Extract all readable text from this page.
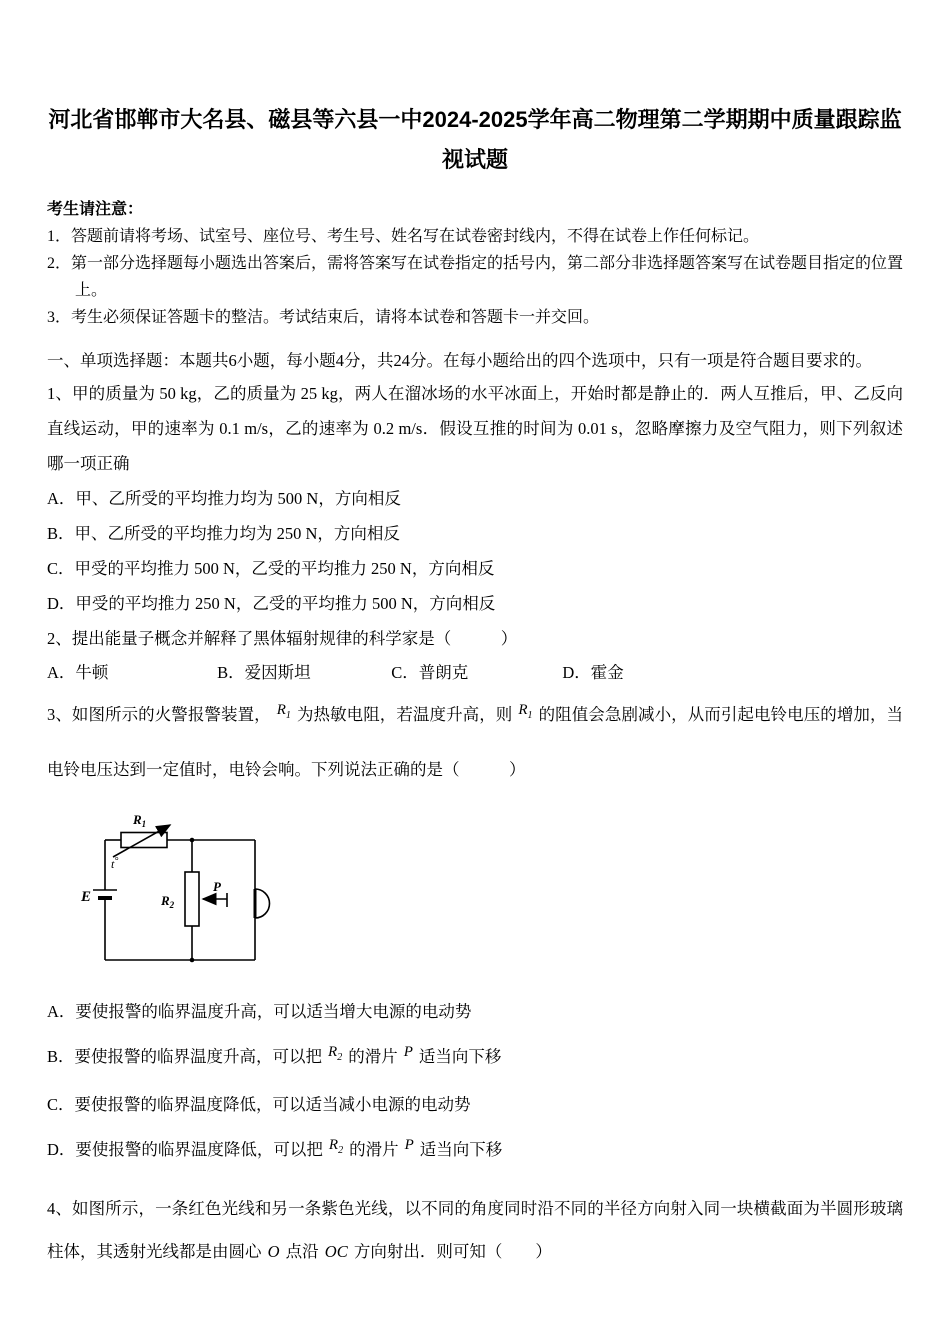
河北省邯郸市大名县、磁县等六县一中2024-2025学年高二物理第二学期期中质量跟踪监视试题
考生请注意：

1．答题前请将考场、试室号、座位号、考生号、姓名写在试卷密封线内，不得在试卷上作任何标记。

2．第一部分选择题每小题选出答案后，需将答案写在试卷指定的括号内，第二部分非选择题答案写在试卷题目指定的位置上。

3．考生必须保证答题卡的整洁。考试结束后，请将本试卷和答题卡一并交回。

一、单项选择题：本题共6小题，每小题4分，共24分。在每小题给出的四个选项中，只有一项是符合题目要求的。

1、甲的质量为 50 kg，乙的质量为 25 kg，两人在溜冰场的水平冰面上，开始时都是静止的．两人互推后，甲、乙反向直线运动，甲的速率为 0.1 m/s，乙的速率为 0.2 m/s．假设互推的时间为 0.01 s，忽略摩擦力及空气阻力，则下列叙述哪一项正确

A．甲、乙所受的平均推力均为 500 N，方向相反

B．甲、乙所受的平均推力均为 250 N，方向相反

C．甲受的平均推力 500 N，乙受的平均推力 250 N，方向相反

D．甲受的平均推力 250 N，乙受的平均推力 500 N，方向相反

2、提出能量子概念并解释了黑体辐射规律的科学家是（　　　）

A．牛顿	B．爱因斯坦	C．普朗克	D．霍金

3、如图所示的火警报警装置， $R_1$ 为热敏电阻，若温度升高，则 $R_1$ 的阻值会急剧减小，从而引起电铃电压的增加，当电铃电压达到一定值时，电铃会响。下列说法正确的是（　　　）

$R_1$
t°
E	$R_2$
P

A．要使报警的临界温度升高，可以适当增大电源的电动势

B．要使报警的临界温度升高，可以把 $R_2$ 的滑片 P 适当向下移

C．要使报警的临界温度降低，可以适当减小电源的电动势

D．要使报警的临界温度降低，可以把 $R_2$ 的滑片 P 适当向下移

4、如图所示，一条红色光线和另一条紫色光线，以不同的角度同时沿不同的半径方向射入同一块横截面为半圆形玻璃柱体，其透射光线都是由圆心 O 点沿 OC 方向射出．则可知（　　）
